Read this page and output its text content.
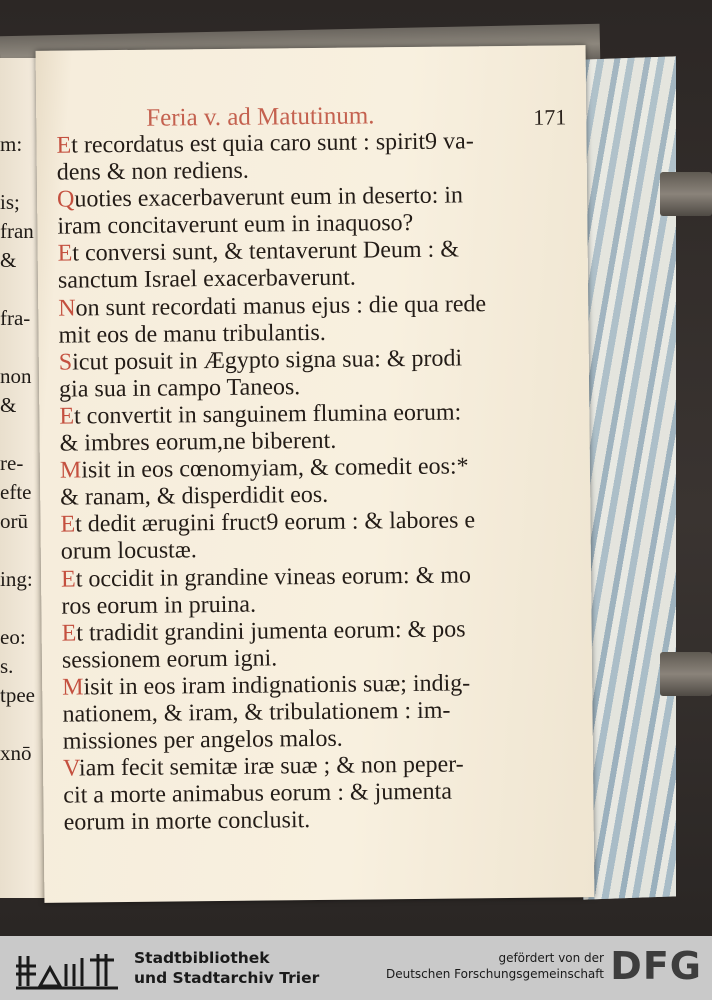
m:

is;
fran
&

fra-

non
&

re-
efte
orū

ing:

eo:
s.
tpee

xnō
Feria v. ad Matutinum.	171
Et recordatus est quia caro sunt : spirit9 va-
dens & non rediens.
Quoties exacerbaverunt eum in deserto: in
iram concitaverunt eum in inaquoso?
Et conversi sunt, & tentaverunt Deum : &
sanctum Israel exacerbaverunt.
Non sunt recordati manus ejus : die qua rede
mit eos de manu tribulantis.
Sicut posuit in Ægypto signa sua: & prodi
gia sua in campo Taneos.
Et convertit in sanguinem flumina eorum:
& imbres eorum,ne biberent.
Misit in eos cœnomyiam, & comedit eos:*
& ranam, & disperdidit eos.
Et dedit ærugini fruct9 eorum : & labores e
orum locustæ.
Et occidit in grandine vineas eorum: & mo
ros eorum in pruina.
Et tradidit grandini jumenta eorum: & pos
sessionem eorum igni.
Misit in eos iram indignationis suæ; indig-
nationem, & iram, & tribulationem : im-
missiones per angelos malos.
Viam fecit semitæ iræ suæ ; & non peper-
cit a morte animabus eorum : & jumenta
eorum in morte conclusit.
Stadtbibliothek
und Stadtarchiv Trier
gefördert von der
Deutschen Forschungsgemeinschaft DFG
